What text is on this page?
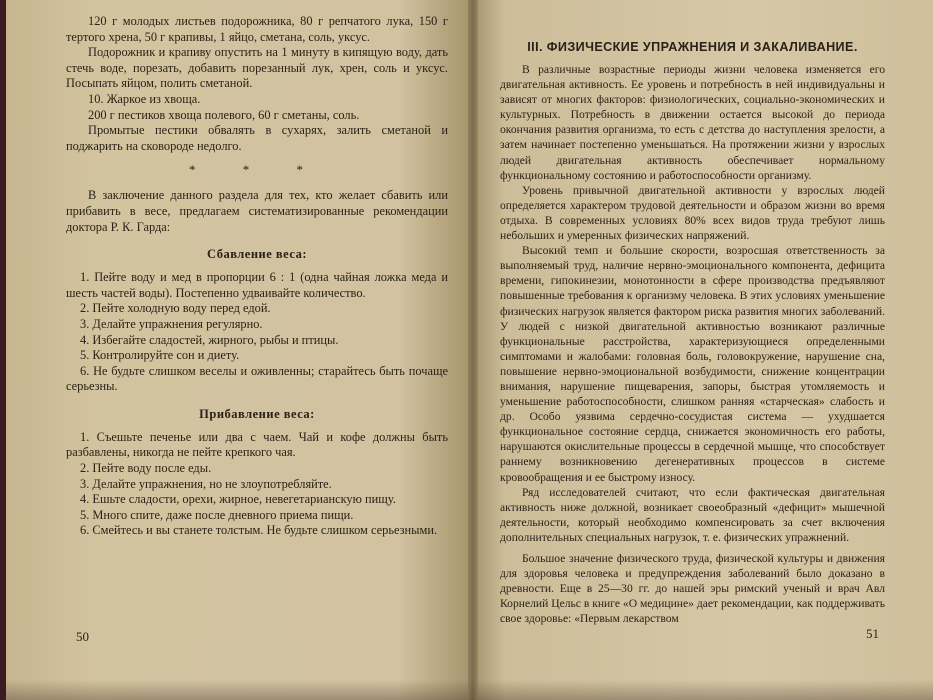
120 г молодых листьев подорожника, 80 г репчатого лука, 150 г тертого хрена, 50 г крапивы, 1 яйцо, сметана, соль, уксус.

Подорожник и крапиву опустить на 1 минуту в кипящую воду, дать стечь воде, порезать, добавить порезанный лук, хрен, соль и уксус. Посыпать яйцом, полить сметаной.

10. Жаркое из хвоща.

200 г пестиков хвоща полевого, 60 г сметаны, соль.

Промытые пестики обвалять в сухарях, залить сметаной и поджарить на сковороде недолго.

* * *

В заключение данного раздела для тех, кто желает сбавить или прибавить в весе, предлагаем систематизированные рекомендации доктора Р. К. Гарда:

Сбавление веса:

1. Пейте воду и мед в пропорции 6 : 1 (одна чайная ложка меда и шесть частей воды). Постепенно удваивайте количество.

2. Пейте холодную воду перед едой.

3. Делайте упражнения регулярно.

4. Избегайте сладостей, жирного, рыбы и птицы.

5. Контролируйте сон и диету.

6. Не будьте слишком веселы и оживленны; старайтесь быть почаще серьезны.

Прибавление веса:

1. Съешьте печенье или два с чаем. Чай и кофе должны быть разбавлены, никогда не пейте крепкого чая.

2. Пейте воду после еды.

3. Делайте упражнения, но не злоупотребляйте.

4. Ешьте сладости, орехи, жирное, невегетарианскую пищу.

5. Много спите, даже после дневного приема пищи.

6. Смейтесь и вы станете толстым. Не будьте слишком серьезными.

50
III. ФИЗИЧЕСКИЕ УПРАЖНЕНИЯ И ЗАКАЛИВАНИЕ.

В различные возрастные периоды жизни человека изменяется его двигательная активность. Ее уровень и потребность в ней индивидуальны и зависят от многих факторов: физиологических, социально-экономических и культурных. Потребность в движении остается высокой до периода окончания развития организма, то есть с детства до наступления зрелости, а затем начинает постепенно уменьшаться. На протяжении жизни у взрослых людей двигательная активность обеспечивает нормальному функциональному состоянию и работоспособности организму.

Уровень привычной двигательной активности у взрослых людей определяется характером трудовой деятельности и образом жизни во время отдыха. В современных условиях 80% всех видов труда требуют лишь небольших и умеренных физических напряжений.

Высокий темп и большие скорости, возросшая ответственность за выполняемый труд, наличие нервно-эмоционального компонента, дефицита времени, гипокинезии, монотонности в сфере производства предъявляют повышенные требования к организму человека. В этих условиях уменьшение физических нагрузок является фактором риска развития многих заболеваний. У людей с низкой двигательной активностью возникают различные функциональные расстройства, характеризующиеся определенными симптомами и жалобами: головная боль, головокружение, нарушение сна, повышение нервно-эмоциональной возбудимости, снижение концентрации внимания, нарушение пищеварения, запоры, быстрая утомляемость и уменьшение работоспособности, слишком ранняя «старческая» слабость и др. Особо уязвима сердечно-сосудистая система — ухудшается функциональное состояние сердца, снижается экономичность его работы, нарушаются окислительные процессы в сердечной мышце, что способствует раннему возникновению дегенеративных процессов в системе кровообращения и ее быстрому износу.

Ряд исследователей считают, что если фактическая двигательная активность ниже должной, возникает своеобразный «дефицит» мышечной деятельности, который необходимо компенсировать за счет включения дополнительных специальных нагрузок, т. е. физических упражнений.

Большое значение физического труда, физической культуры и движения для здоровья человека и предупреждения заболеваний было доказано в древности. Еще в 25—30 гг. до нашей эры римский ученый и врач Авл Корнелий Цельс в книге «О медицине» дает рекомендации, как поддерживать свое здоровье: «Первым лекарством

51
